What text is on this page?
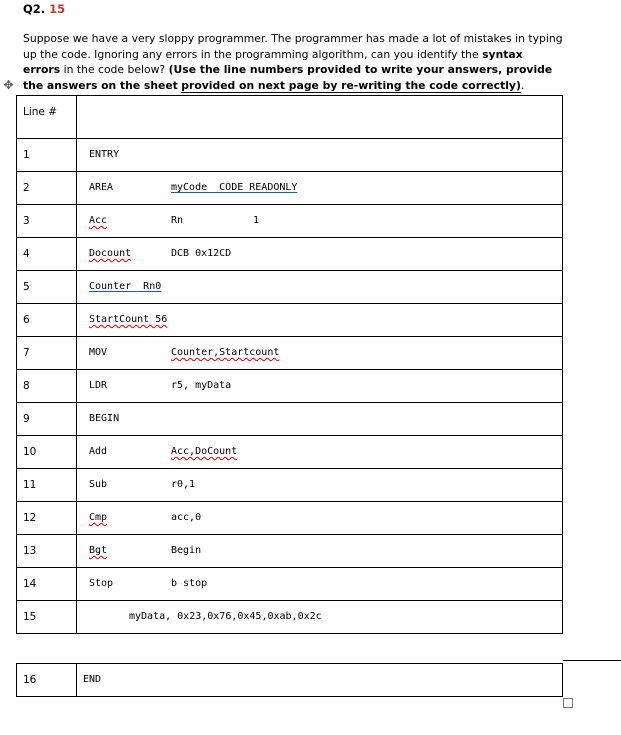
Q2. 15
✥
Suppose we have a very sloppy programmer. The programmer has made a lot of mistakes in typing up the code. Ignoring any errors in the programming algorithm, can you identify the syntax errors in the code below? (Use the line numbers provided to write your answers, provide the answers on the sheet provided on next page by re-writing the code correctly).
Line #	
1	ENTRY

2	AREA myCode  CODE READONLY

3	Acc Rn 1

4	Docount DCB 0x12CD

5	Counter  Rn0

6	StartCount 56

7	MOV Counter,Startcount

8	LDR r5, myData

9	BEGIN

10	Add Acc,DoCount

11	Sub r0,1

12	Cmp acc,0

13	Bgt Begin

14	Stop b stop

15	myData, 0x23,0x76,0x45,0xab,0x2c
16	END
